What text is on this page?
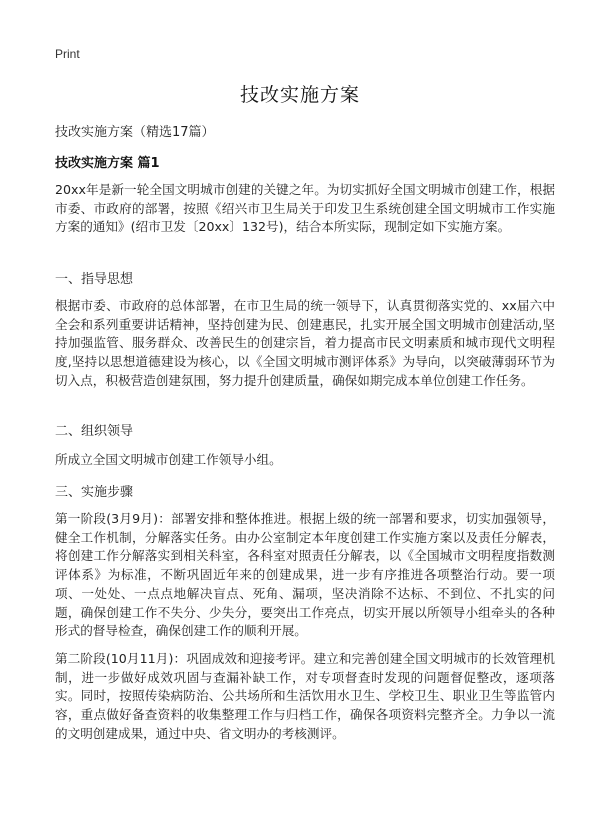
Print
技改实施方案
技改实施方案（精选17篇）
技改实施方案 篇1
20xx年是新一轮全国文明城市创建的关键之年。为切实抓好全国文明城市创建工作，根据市委、市政府的部署，按照《绍兴市卫生局关于印发卫生系统创建全国文明城市工作实施方案的通知》(绍市卫发〔20xx〕132号)，结合本所实际，现制定如下实施方案。
一、指导思想
根据市委、市政府的总体部署，在市卫生局的统一领导下，认真贯彻落实党的、xx届六中全会和系列重要讲话精神，坚持创建为民、创建惠民，扎实开展全国文明城市创建活动,坚持加强监管、服务群众、改善民生的创建宗旨，着力提高市民文明素质和城市现代文明程度,坚持以思想道德建设为核心，以《全国文明城市测评体系》为导向，以突破薄弱环节为切入点，积极营造创建氛围，努力提升创建质量，确保如期完成本单位创建工作任务。
二、组织领导
所成立全国文明城市创建工作领导小组。
三、实施步骤
第一阶段(3月9月)：部署安排和整体推进。根据上级的统一部署和要求，切实加强领导，健全工作机制，分解落实任务。由办公室制定本年度创建工作实施方案以及责任分解表，将创建工作分解落实到相关科室，各科室对照责任分解表，以《全国城市文明程度指数测评体系》为标准，不断巩固近年来的创建成果，进一步有序推进各项整治行动。要一项项、一处处、一点点地解决盲点、死角、漏项，坚决消除不达标、不到位、不扎实的问题，确保创建工作不失分、少失分，要突出工作亮点，切实开展以所领导小组牵头的各种形式的督导检查，确保创建工作的顺利开展。
第二阶段(10月11月)：巩固成效和迎接考评。建立和完善创建全国文明城市的长效管理机制，进一步做好成效巩固与查漏补缺工作，对专项督查时发现的问题督促整改，逐项落实。同时，按照传染病防治、公共场所和生活饮用水卫生、学校卫生、职业卫生等监管内容，重点做好备查资料的收集整理工作与归档工作，确保各项资料完整齐全。力争以一流的文明创建成果，通过中央、省文明办的考核测评。
